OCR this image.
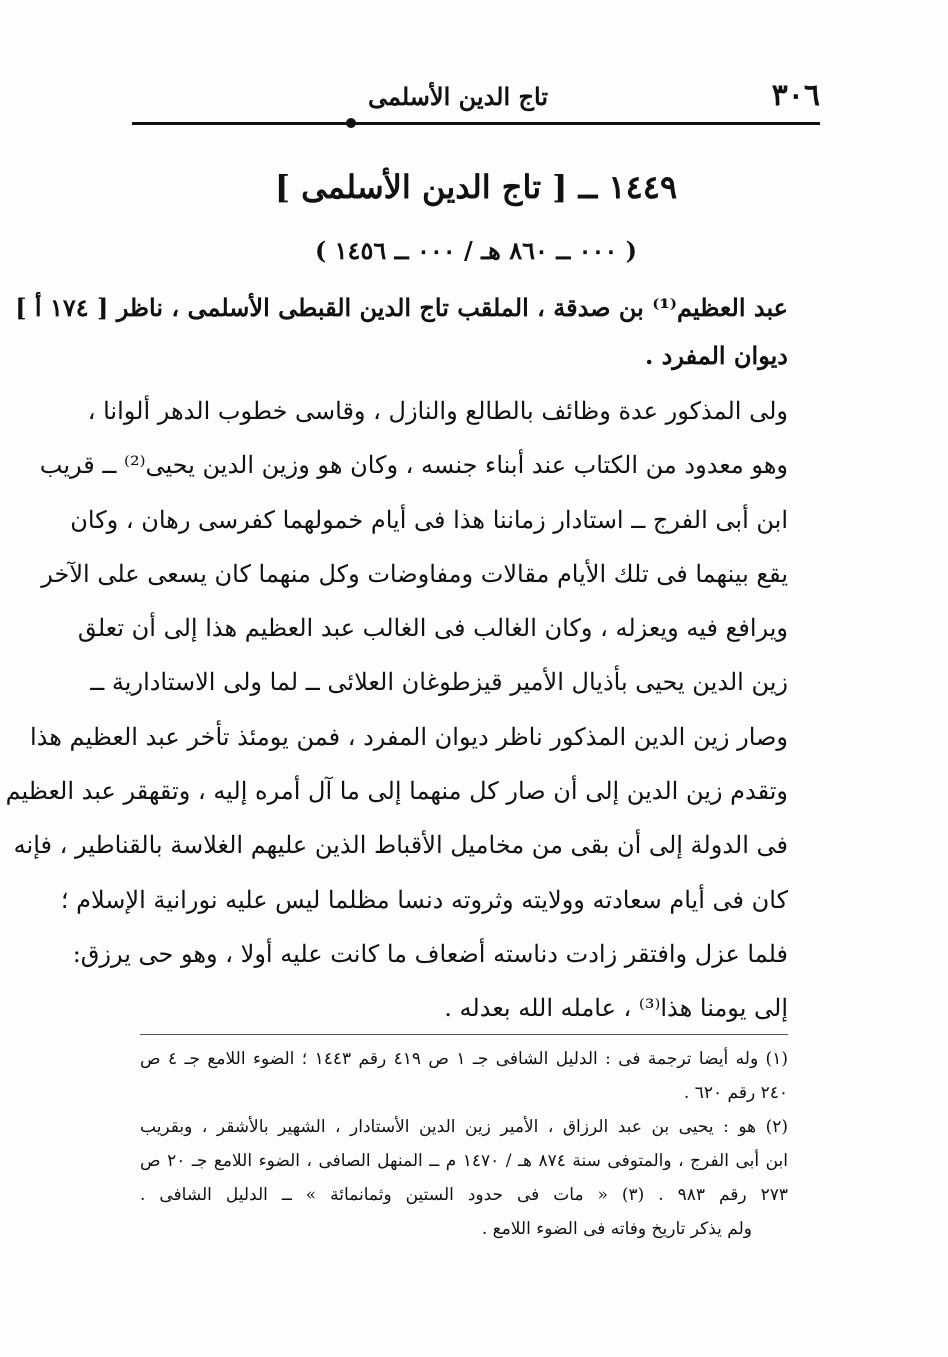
٣٠٦
تاج الدين الأسلمى
١٤٤٩ ــ [ تاج الدين الأسلمى ]
( ٠٠٠ ــ ٨٦٠ هـ / ٠٠٠ ــ ١٤٥٦ )
عبد العظيم⁽¹⁾ بن صدقة ، الملقب تاج الدين القبطى الأسلمى ، ناظر [ ١٧٤ أ ]
ديوان المفرد .
ولى المذكور عدة وظائف بالطالع والنازل ، وقاسى خطوب الدهر ألوانا ،
وهو معدود من الكتاب عند أبناء جنسه ، وكان هو وزين الدين يحيى⁽²⁾ ــ قريب
ابن أبى الفرج ــ استادار زماننا هذا فى أيام خمولهما كفرسى رهان ، وكان
يقع بينهما فى تلك الأيام مقالات ومفاوضات وكل منهما كان يسعى على الآخر
ويرافع فيه ويعزله ، وكان الغالب فى الغالب عبد العظيم هذا إلى أن تعلق
زين الدين يحيى بأذيال الأمير قيزطوغان العلائى ــ لما ولى الاستادارية ــ
وصار زين الدين المذكور ناظر ديوان المفرد ، فمن يومئذ تأخر عبد العظيم هذا
وتقدم زين الدين إلى أن صار كل منهما إلى ما آل أمره إليه ، وتقهقر عبد العظيم
فى الدولة إلى أن بقى من مخاميل الأقباط الذين عليهم الغلاسة بالقناطير ، فإنه
كان فى أيام سعادته وولايته وثروته دنسا مظلما ليس عليه نورانية الإسلام ؛
فلما عزل وافتقر زادت دناسته أضعاف ما كانت عليه أولا ، وهو حى يرزق:
إلى يومنا هذا⁽³⁾ ، عامله الله بعدله .
(١) وله أيضا ترجمة فى : الدليل الشافى جـ ١ ص ٤١٩ رقم ١٤٤٣ ؛ الضوء اللامع جـ ٤ ص
٢٤٠ رقم ٦٢٠ .
(٢) هو : يحيى بن عبد الرزاق ، الأمير زين الدين الأستادار ، الشهير بالأشقر ، وبقريب
ابن أبى الفرج ، والمتوفى سنة ٨٧٤ هـ / ١٤٧٠ م ــ المنهل الصافى ، الضوء اللامع جـ ٢٠ ص
٢٧٣ رقم ٩٨٣ . (٣) « مات فى حدود الستين وثمانمائة » ــ الدليل الشافى .
ولم يذكر تاريخ وفاته فى الضوء اللامع .
